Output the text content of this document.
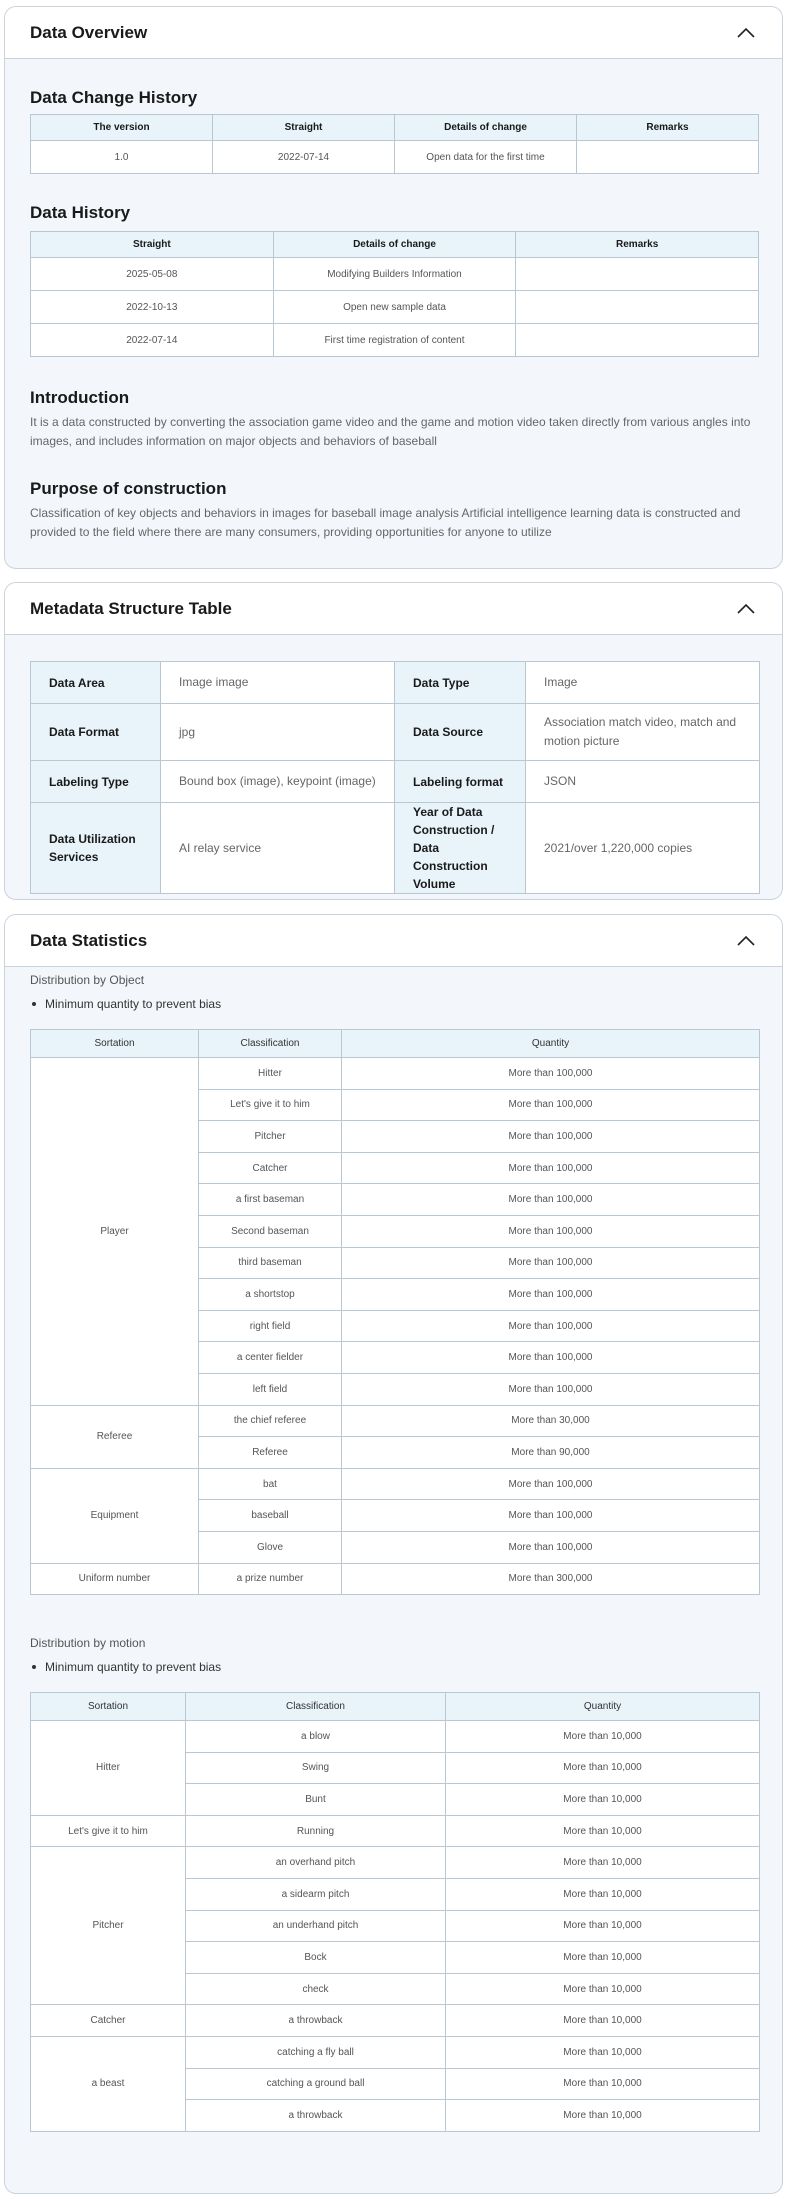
Data Overview
Data Change History
The version	Straight	Details of change	Remarks
1.0	2022-07-14	Open data for the first time	
Data History
Straight	Details of change	Remarks
2025-05-08	Modifying Builders Information	
2022-10-13	Open new sample data	
2022-07-14	First time registration of content	
Introduction
It is a data constructed by converting the association game video and the game and motion video taken directly from various angles into images, and includes information on major objects and behaviors of baseball
Purpose of construction
Classification of key objects and behaviors in images for baseball image analysis Artificial intelligence learning data is constructed and provided to the field where there are many consumers, providing opportunities for anyone to utilize
Metadata Structure Table
Data Area	Image image	Data Type	Image
Data Format	jpg	Data Source	Association match video, match and motion picture
Labeling Type	Bound box (image), keypoint (image)	Labeling format	JSON
Data Utilization Services	AI relay service	Year of Data Construction / Data Construction Volume	2021/over 1,220,000 copies
Data Statistics
Distribution by Object
Minimum quantity to prevent bias
Sortation	Classification	Quantity
Player	Hitter	More than 100,000
	Let's give it to him	More than 100,000
	Pitcher	More than 100,000
	Catcher	More than 100,000
	a first baseman	More than 100,000
	Second baseman	More than 100,000
	third baseman	More than 100,000
	a shortstop	More than 100,000
	right field	More than 100,000
	a center fielder	More than 100,000
	left field	More than 100,000
Referee	the chief referee	More than 30,000
	Referee	More than 90,000
Equipment	bat	More than 100,000
	baseball	More than 100,000
	Glove	More than 100,000
Uniform number	a prize number	More than 300,000
Distribution by motion
Minimum quantity to prevent bias
Sortation	Classification	Quantity
Hitter	a blow	More than 10,000
	Swing	More than 10,000
	Bunt	More than 10,000
Let's give it to him	Running	More than 10,000
Pitcher	an overhand pitch	More than 10,000
	a sidearm pitch	More than 10,000
	an underhand pitch	More than 10,000
	Bock	More than 10,000
	check	More than 10,000
Catcher	a throwback	More than 10,000
a beast	catching a fly ball	More than 10,000
	catching a ground ball	More than 10,000
	a throwback	More than 10,000
